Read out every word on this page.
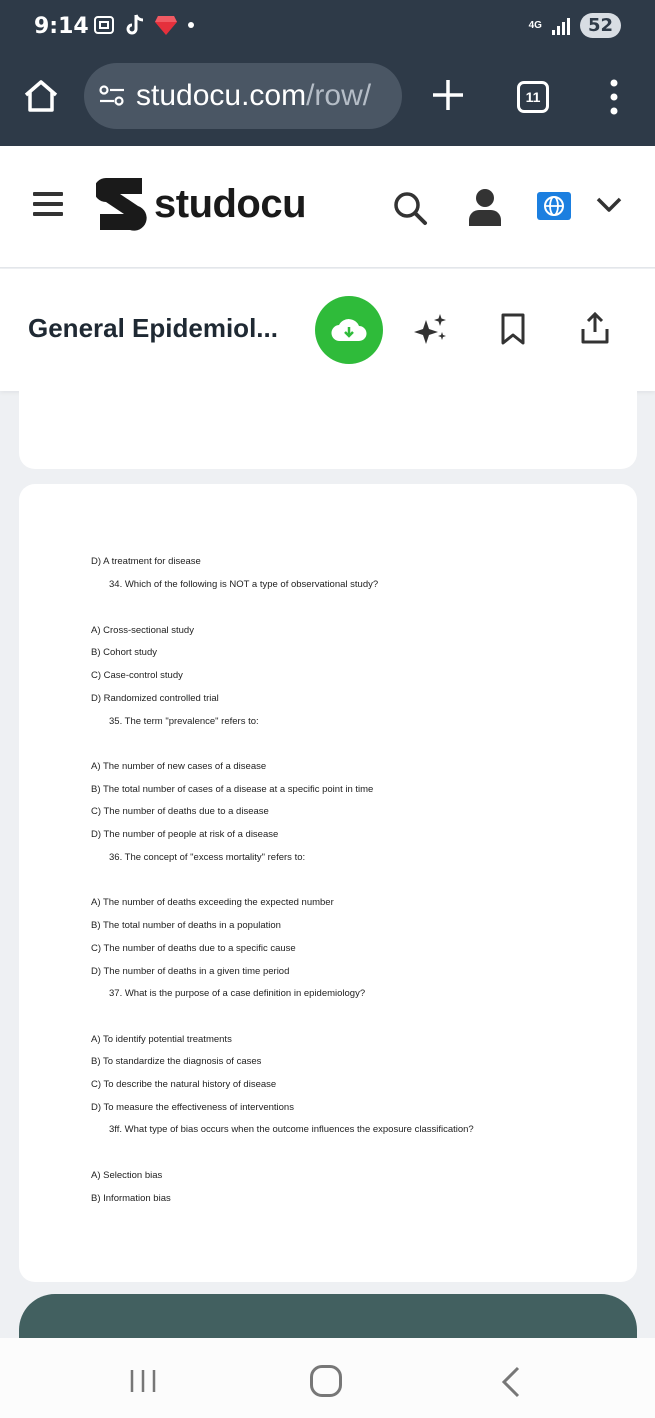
9:14	4G	52
studocu.com/row/	11
studocu
General Epidemiol...
D) A treatment for disease
34. Which of the following is NOT a type of observational study?
A) Cross-sectional study
B) Cohort study
C) Case-control study
D) Randomized controlled trial
35. The term "prevalence" refers to:
A) The number of new cases of a disease
B) The total number of cases of a disease at a specific point in time
C) The number of deaths due to a disease
D) The number of people at risk of a disease
36. The concept of "excess mortality" refers to:
A) The number of deaths exceeding the expected number
B) The total number of deaths in a population
C) The number of deaths due to a specific cause
D) The number of deaths in a given time period
37. What is the purpose of a case definition in epidemiology?
A) To identify potential treatments
B) To standardize the diagnosis of cases
C) To describe the natural history of disease
D) To measure the effectiveness of interventions
3ff. What type of bias occurs when the outcome influences the exposure classification?
A) Selection bias
B) Information bias
